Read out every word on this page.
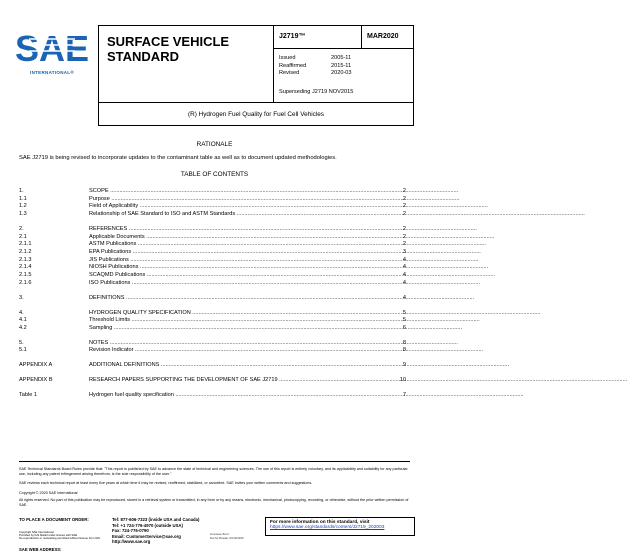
SAE
INTERNATIONAL®
SURFACE VEHICLE STANDARD
J2719™	MAR2020
Issued	2005-11
Reaffirmed	2015-11
Revised	2020-03
Superseding J2719 NOV2015
(R) Hydrogen Fuel Quality for Fuel Cell Vehicles
RATIONALE
SAE J2719 is being revised to incorporate updates to the contaminant table as well as to document updated methodologies.
TABLE OF CONTENTS
1.	SCOPE .....	2
1.1	Purpose .....	2
1.2	Field of Applicability .....	2
1.3	Relationship of SAE Standard to ISO and ASTM Standards .....	2
2.	REFERENCES .....	2
2.1	Applicable Documents .....	2
2.1.1	ASTM Publications .....	2
2.1.2	EPA Publications .....	3
2.1.3	JIS Publications .....	4
2.1.4	NIOSH Publications .....	4
2.1.5	SCAQMD Publications .....	4
2.1.6	ISO Publications .....	4
3.	DEFINITIONS .....	4
4.	HYDROGEN QUALITY SPECIFICATION .....	5
4.1	Threshold Limits .....	5
4.2	Sampling .....	6
5.	NOTES .....	8
5.1	Revision Indicator .....	8
APPENDIX A	ADDITIONAL DEFINITIONS .....	9
APPENDIX B	RESEARCH PAPERS SUPPORTING THE DEVELOPMENT OF SAE J2719 .....	10
Table 1	Hydrogen fuel quality specification .....	7
SAE Technical Standards Board Rules provide that: "This report is published by SAE to advance the state of technical and engineering sciences. The use of this report is entirely voluntary, and its applicability and suitability for any particular use, including any patent infringement arising therefrom, is the sole responsibility of the user."
SAE reviews each technical report at least every five years at which time it may be revised, reaffirmed, stabilized, or cancelled. SAE invites your written comments and suggestions.
Copyright © 2020 SAE International
All rights reserved. No part of this publication may be reproduced, stored in a retrieval system or transmitted, in any form or by any means, electronic, mechanical, photocopying, recording, or otherwise, without the prior written permission of SAE.
TO PLACE A DOCUMENT ORDER:	Tel: 877-606-7323 (inside USA and Canada)
Tel: +1 724-776-4970 (outside USA)
Fax: 724-776-0790
Email: CustomerService@sae.org
http://www.sae.org
Copyright SAE International
Provided by IHS Markit under license with SAE
No reproduction or networking permitted without license from IHS
SAE WEB ADDRESS:
Licensee=Ford
Not for Resale, 03/12/2020
For more information on this standard, visit
https://www.sae.org/standards/content/J2719_202003
